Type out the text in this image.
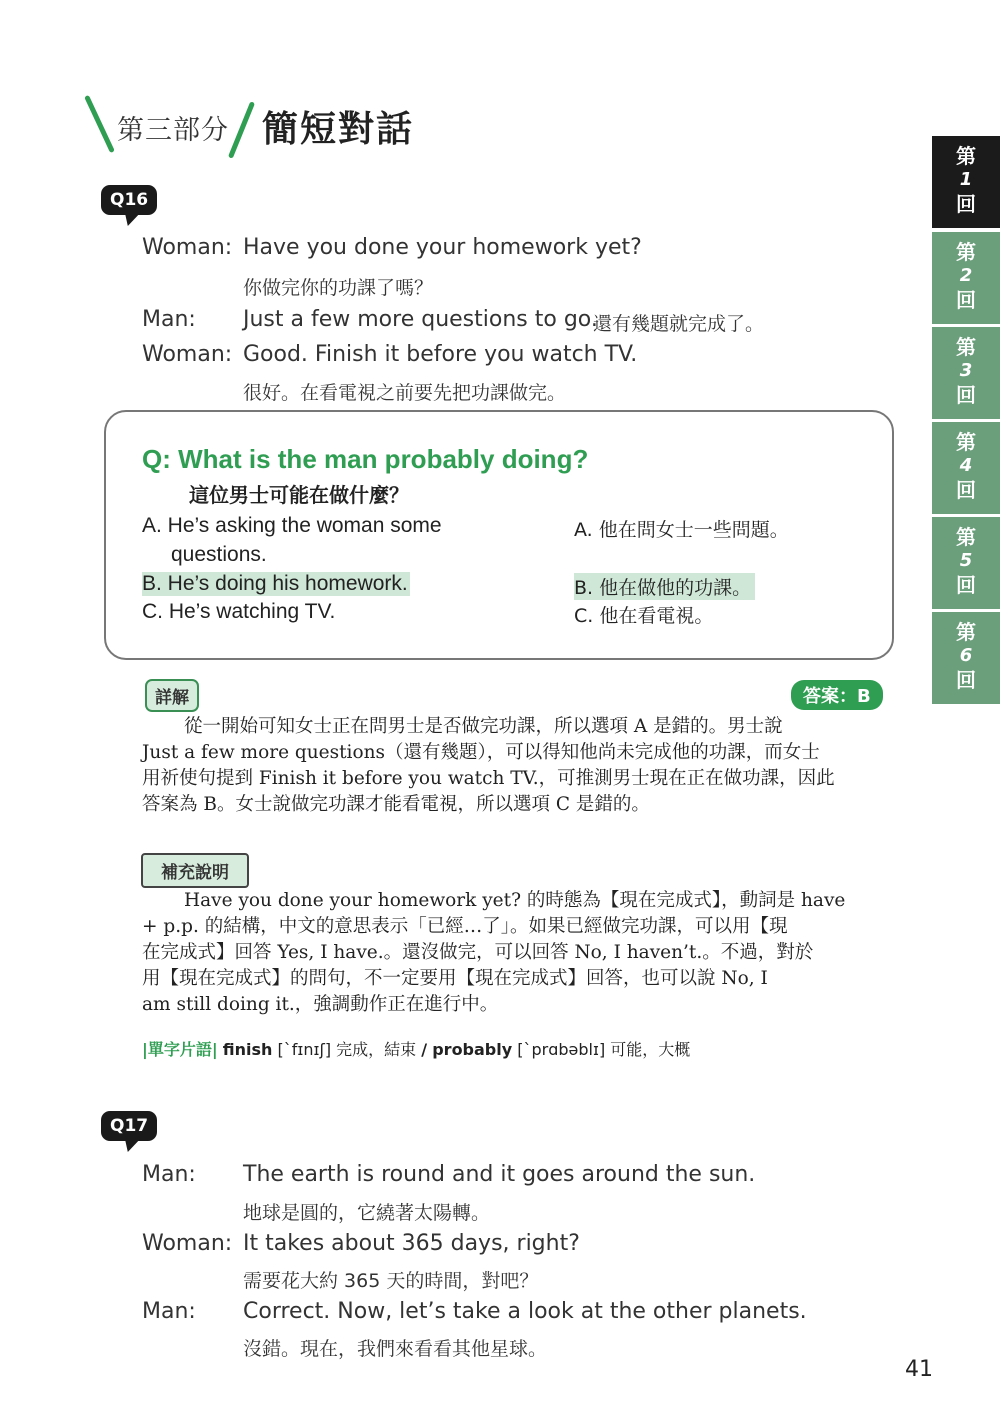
第三部分 簡短對話
第
1
回
第
2
回
第
3
回
第
4
回
第
5
回
第
6
回
Q16
Woman: Have you done your homework yet?
你做完你的功課了嗎？
Man: Just a few more questions to go.
還有幾題就完成了。
Woman: Good. Finish it before you watch TV.
很好。在看電視之前要先把功課做完。
Q: What is the man probably doing?
這位男士可能在做什麼？
A. He’s asking the woman some
questions.
B. He’s doing his homework.
C. He’s watching TV.
A. 他在問女士一些問題。
B. 他在做他的功課。
C. 他在看電視。
詳解	答案：B
從一開始可知女士正在問男士是否做完功課，所以選項 A 是錯的。男士說
Just a few more questions（還有幾題），可以得知他尚未完成他的功課，而女士
用祈使句提到 Finish it before you watch TV.，可推測男士現在正在做功課，因此
答案為 B。女士說做完功課才能看電視，所以選項 C 是錯的。
補充說明
Have you done your homework yet? 的時態為【現在完成式】，動詞是 have
+ p.p. 的結構，中文的意思表示「已經…了」。如果已經做完功課，可以用【現
在完成式】回答 Yes, I have.。還沒做完，可以回答 No, I haven’t.。不過，對於
用【現在完成式】的問句，不一定要用【現在完成式】回答，也可以說 No, I
am still doing it.，強調動作正在進行中。
|單字片語| finish [ˋfɪnɪʃ] 完成，結束 / probably [ˋprɑbəblɪ] 可能，大概
Q17
Man: The earth is round and it goes around the sun.
地球是圓的，它繞著太陽轉。
Woman: It takes about 365 days, right?
需要花大約 365 天的時間，對吧？
Man: Correct. Now, let’s take a look at the other planets.
沒錯。現在，我們來看看其他星球。
41
